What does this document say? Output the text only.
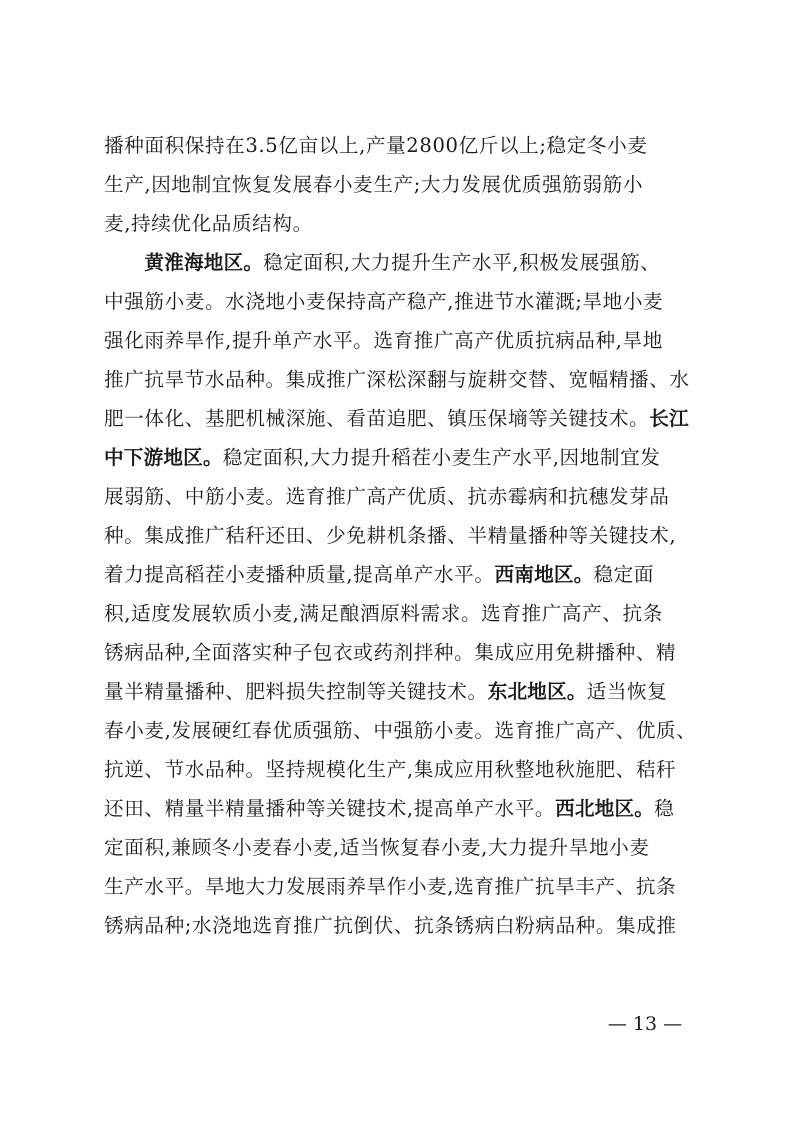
播种面积保持在3.5亿亩以上,产量2800亿斤以上;稳定冬小麦
生产,因地制宜恢复发展春小麦生产;大力发展优质强筋弱筋小
麦,持续优化品质结构。
　　黄淮海地区。稳定面积,大力提升生产水平,积极发展强筋、
中强筋小麦。水浇地小麦保持高产稳产,推进节水灌溉;旱地小麦
强化雨养旱作,提升单产水平。选育推广高产优质抗病品种,旱地
推广抗旱节水品种。集成推广深松深翻与旋耕交替、宽幅精播、水
肥一体化、基肥机械深施、看苗追肥、镇压保墒等关键技术。长江
中下游地区。稳定面积,大力提升稻茬小麦生产水平,因地制宜发
展弱筋、中筋小麦。选育推广高产优质、抗赤霉病和抗穗发芽品
种。集成推广秸秆还田、少免耕机条播、半精量播种等关键技术,
着力提高稻茬小麦播种质量,提高单产水平。西南地区。稳定面
积,适度发展软质小麦,满足酿酒原料需求。选育推广高产、抗条
锈病品种,全面落实种子包衣或药剂拌种。集成应用免耕播种、精
量半精量播种、肥料损失控制等关键技术。东北地区。适当恢复
春小麦,发展硬红春优质强筋、中强筋小麦。选育推广高产、优质、
抗逆、节水品种。坚持规模化生产,集成应用秋整地秋施肥、秸秆
还田、精量半精量播种等关键技术,提高单产水平。西北地区。稳
定面积,兼顾冬小麦春小麦,适当恢复春小麦,大力提升旱地小麦
生产水平。旱地大力发展雨养旱作小麦,选育推广抗旱丰产、抗条
锈病品种;水浇地选育推广抗倒伏、抗条锈病白粉病品种。集成推
— 13 —
